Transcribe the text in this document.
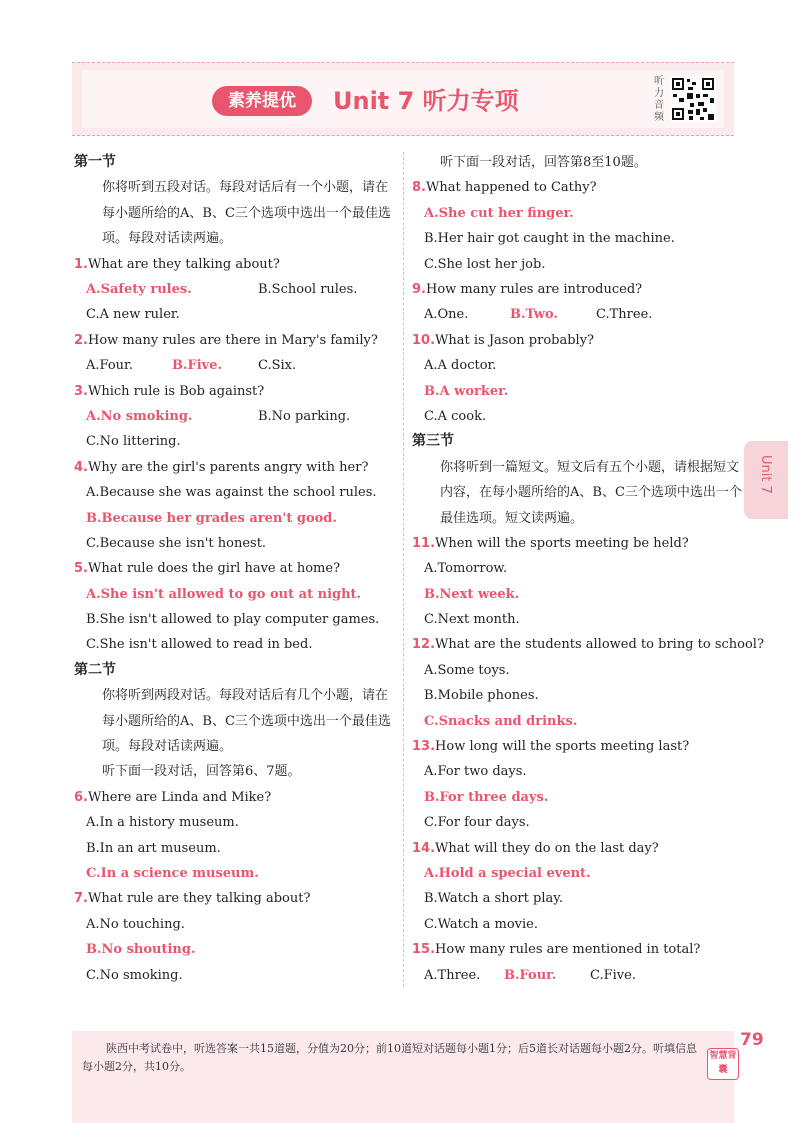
素养提优	Unit 7 听力专项
听力音频
第一节
你将听到五段对话。每段对话后有一个小题，请在每小题所给的A、B、C三个选项中选出一个最佳选项。每段对话读两遍。
1.What are they talking about?
A.Safety rules.	B.School rules.
C.A new ruler.
2.How many rules are there in Mary's family?
A.Four.	B.Five.	C.Six.
3.Which rule is Bob against?
A.No smoking.	B.No parking.
C.No littering.
4.Why are the girl's parents angry with her?
A.Because she was against the school rules.
B.Because her grades aren't good.
C.Because she isn't honest.
5.What rule does the girl have at home?
A.She isn't allowed to go out at night.
B.She isn't allowed to play computer games.
C.She isn't allowed to read in bed.
第二节
你将听到两段对话。每段对话后有几个小题，请在每小题所给的A、B、C三个选项中选出一个最佳选项。每段对话读两遍。
听下面一段对话，回答第6、7题。
6.Where are Linda and Mike?
A.In a history museum.
B.In an art museum.
C.In a science museum.
7.What rule are they talking about?
A.No touching.
B.No shouting.
C.No smoking.
听下面一段对话，回答第8至10题。
8.What happened to Cathy?
A.She cut her finger.
B.Her hair got caught in the machine.
C.She lost her job.
9.How many rules are introduced?
A.One.	B.Two.	C.Three.
10.What is Jason probably?
A.A doctor.
B.A worker.
C.A cook.
第三节
你将听到一篇短文。短文后有五个小题，请根据短文内容，在每小题所给的A、B、C三个选项中选出一个最佳选项。短文读两遍。
11.When will the sports meeting be held?
A.Tomorrow.
B.Next week.
C.Next month.
12.What are the students allowed to bring to school?
A.Some toys.
B.Mobile phones.
C.Snacks and drinks.
13.How long will the sports meeting last?
A.For two days.
B.For three days.
C.For four days.
14.What will they do on the last day?
A.Hold a special event.
B.Watch a short play.
C.Watch a movie.
15.How many rules are mentioned in total?
A.Three. B.Four.	C.Five.
Unit 7
陕西中考试卷中，听选答案一共15道题，分值为20分；前10道短对话题每小题1分；后5道长对话题每小题2分。听填信息每小题2分，共10分。
79
智慧背囊
